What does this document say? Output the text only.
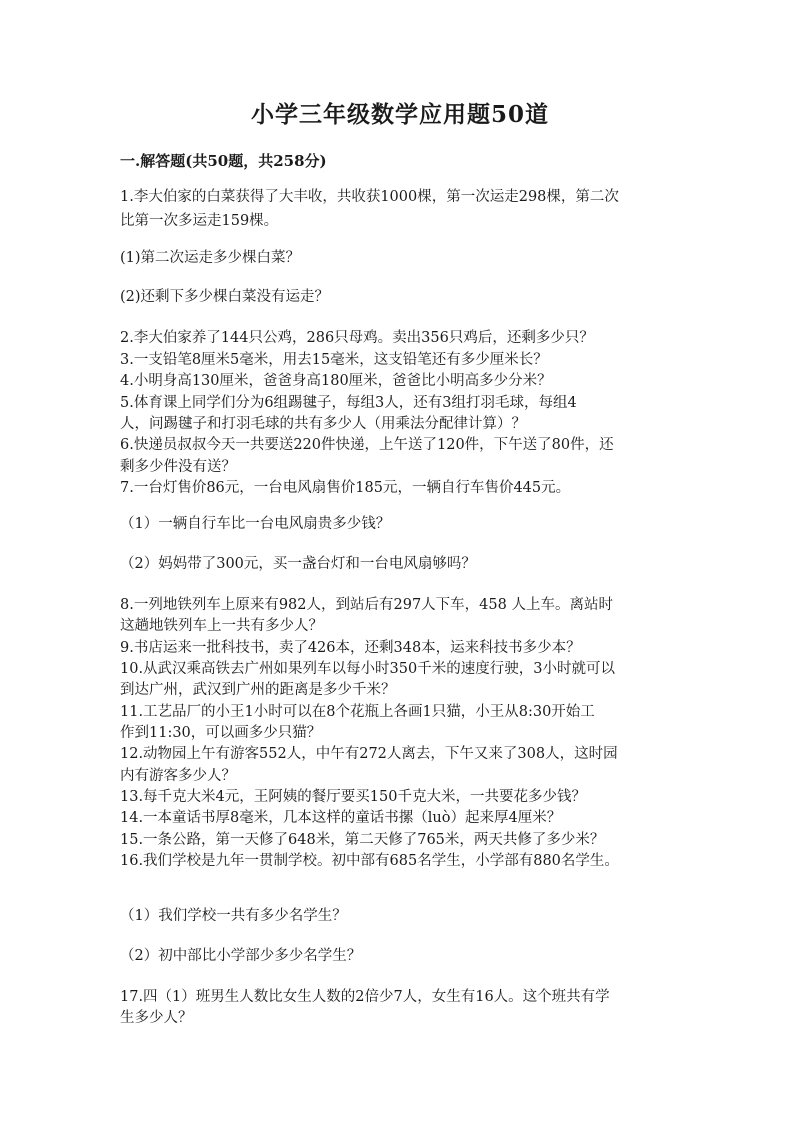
小学三年级数学应用题50道
一.解答题(共50题，共258分)
1.李大伯家的白菜获得了大丰收，共收获1000棵，第一次运走298棵，第二次
比第一次多运走159棵。
(1)第二次运走多少棵白菜？
(2)还剩下多少棵白菜没有运走？
2.李大伯家养了144只公鸡，286只母鸡。卖出356只鸡后，还剩多少只？
3.一支铅笔8厘米5毫米，用去15毫米，这支铅笔还有多少厘米长？
4.小明身高130厘米，爸爸身高180厘米，爸爸比小明高多少分米？
5.体育课上同学们分为6组踢毽子，每组3人，还有3组打羽毛球，每组4
人，问踢毽子和打羽毛球的共有多少人（用乘法分配律计算）？
6.快递员叔叔今天一共要送220件快递，上午送了120件，下午送了80件，还
剩多少件没有送？
7.一台灯售价86元，一台电风扇售价185元，一辆自行车售价445元。
（1）一辆自行车比一台电风扇贵多少钱？
（2）妈妈带了300元，买一盏台灯和一台电风扇够吗？
8.一列地铁列车上原来有982人，到站后有297人下车，458 人上车。离站时
这趟地铁列车上一共有多少人？
9.书店运来一批科技书，卖了426本，还剩348本，运来科技书多少本？
10.从武汉乘高铁去广州如果列车以每小时350千米的速度行驶，3小时就可以
到达广州，武汉到广州的距离是多少千米？
11.工艺品厂的小王1小时可以在8个花瓶上各画1只猫，小王从8:30开始工
作到11:30，可以画多少只猫？
12.动物园上午有游客552人，中午有272人离去，下午又来了308人，这时园
内有游客多少人？
13.每千克大米4元，王阿姨的餐厅要买150千克大米，一共要花多少钱？
14.一本童话书厚8毫米，几本这样的童话书摞（luò）起来厚4厘米？
15.一条公路，第一天修了648米，第二天修了765米，两天共修了多少米？
16.我们学校是九年一贯制学校。初中部有685名学生，小学部有880名学生。
（1）我们学校一共有多少名学生？
（2）初中部比小学部少多少名学生？
17.四（1）班男生人数比女生人数的2倍少7人，女生有16人。这个班共有学
生多少人？
